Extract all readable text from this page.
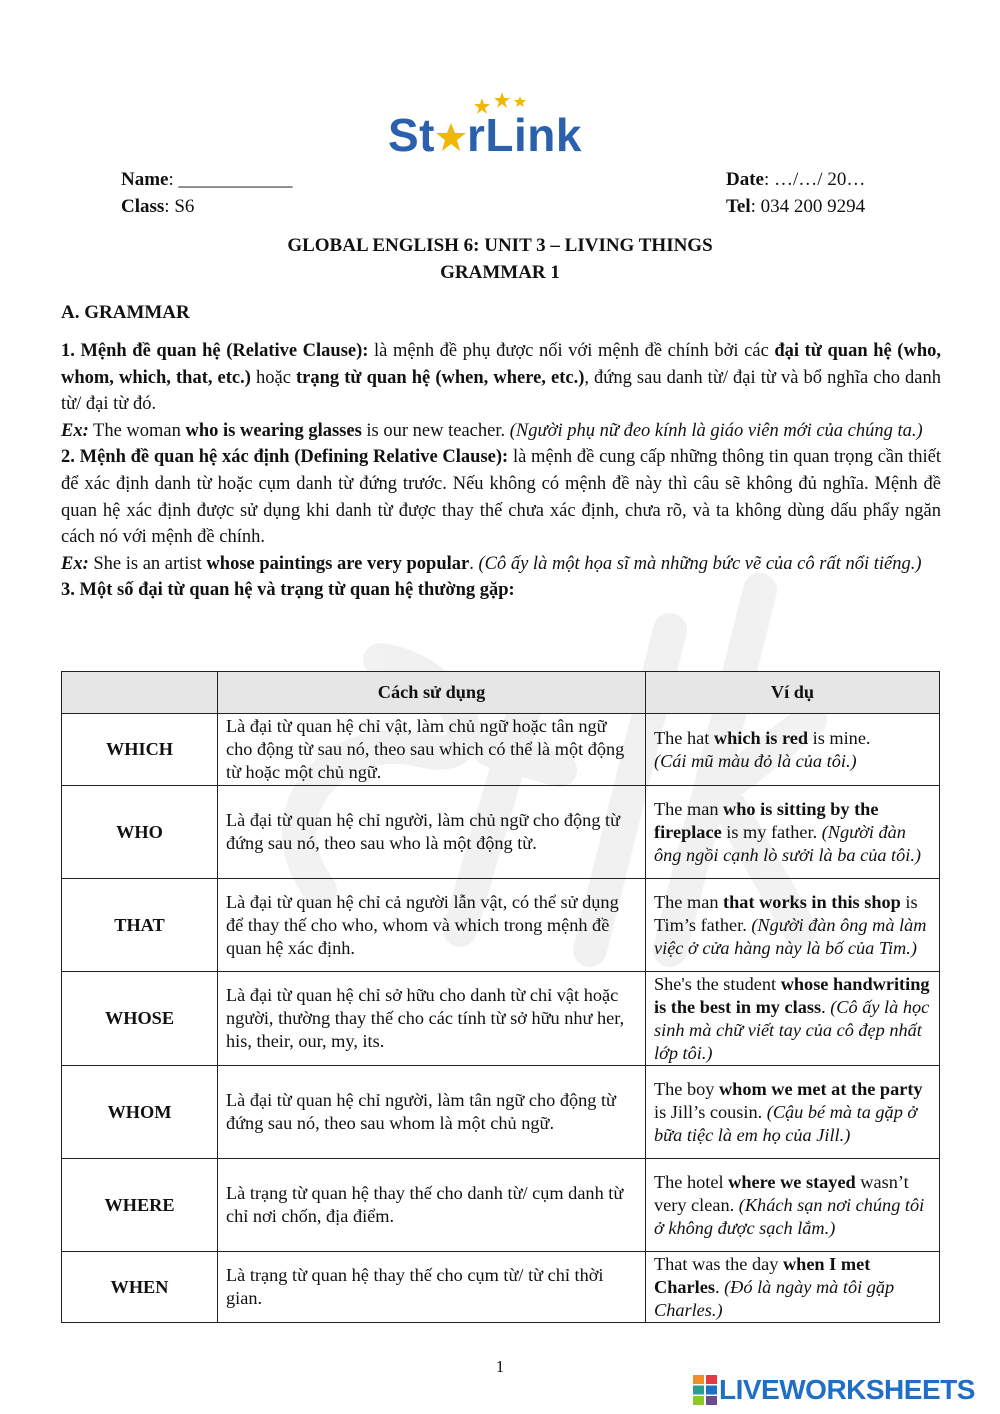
St rLink
Name: ____________
Class: S6
Date: …/…/ 20…
Tel: 034 200 9294
GLOBAL ENGLISH 6: UNIT 3 – LIVING THINGS
GRAMMAR 1
A. GRAMMAR

1. Mệnh đề quan hệ (Relative Clause): là mệnh đề phụ được nối với mệnh đề chính bởi các đại từ quan hệ (who, whom, which, that, etc.) hoặc trạng từ quan hệ (when, where, etc.), đứng sau danh từ/ đại từ và bổ nghĩa cho danh từ/ đại từ đó.

Ex: The woman who is wearing glasses is our new teacher. (Người phụ nữ đeo kính là giáo viên mới của chúng ta.)

2. Mệnh đề quan hệ xác định (Defining Relative Clause): là mệnh đề cung cấp những thông tin quan trọng cần thiết để xác định danh từ hoặc cụm danh từ đứng trước. Nếu không có mệnh đề này thì câu sẽ không đủ nghĩa. Mệnh đề quan hệ xác định được sử dụng khi danh từ được thay thế chưa xác định, chưa rõ, và ta không dùng dấu phẩy ngăn cách nó với mệnh đề chính.

Ex: She is an artist whose paintings are very popular. (Cô ấy là một họa sĩ mà những bức vẽ của cô rất nổi tiếng.)

3. Một số đại từ quan hệ và trạng từ quan hệ thường gặp:

	Cách sử dụng	Ví dụ
WHICH	Là đại từ quan hệ chỉ vật, làm chủ ngữ hoặc tân ngữ cho động từ sau nó, theo sau which có thể là một động từ hoặc một chủ ngữ.	The hat which is red is mine.
(Cái mũ màu đỏ là của tôi.)
WHO	Là đại từ quan hệ chỉ người, làm chủ ngữ cho động từ đứng sau nó, theo sau who là một động từ.	The man who is sitting by the fireplace is my father. (Người đàn ông ngồi cạnh lò sưởi là ba của tôi.)
THAT	Là đại từ quan hệ chỉ cả người lẫn vật, có thể sử dụng để thay thế cho who, whom và which trong mệnh đề quan hệ xác định.	The man that works in this shop is Tim’s father. (Người đàn ông mà làm việc ở cửa hàng này là bố của Tim.)
WHOSE	Là đại từ quan hệ chỉ sở hữu cho danh từ chỉ vật hoặc người, thường thay thế cho các tính từ sở hữu như her, his, their, our, my, its.	She's the student whose handwriting is the best in my class. (Cô ấy là học sinh mà chữ viết tay của cô đẹp nhất lớp tôi.)
WHOM	Là đại từ quan hệ chỉ người, làm tân ngữ cho động từ đứng sau nó, theo sau whom là một chủ ngữ.	The boy whom we met at the party is Jill’s cousin. (Cậu bé mà ta gặp ở bữa tiệc là em họ của Jill.)
WHERE	Là trạng từ quan hệ thay thế cho danh từ/ cụm danh từ chỉ nơi chốn, địa điểm.	The hotel where we stayed wasn’t very clean. (Khách sạn nơi chúng tôi ở không được sạch lắm.)
WHEN	Là trạng từ quan hệ thay thế cho cụm từ/ từ chỉ thời gian.	That was the day when I met Charles. (Đó là ngày mà tôi gặp Charles.)
1
LIVEWORKSHEETS
